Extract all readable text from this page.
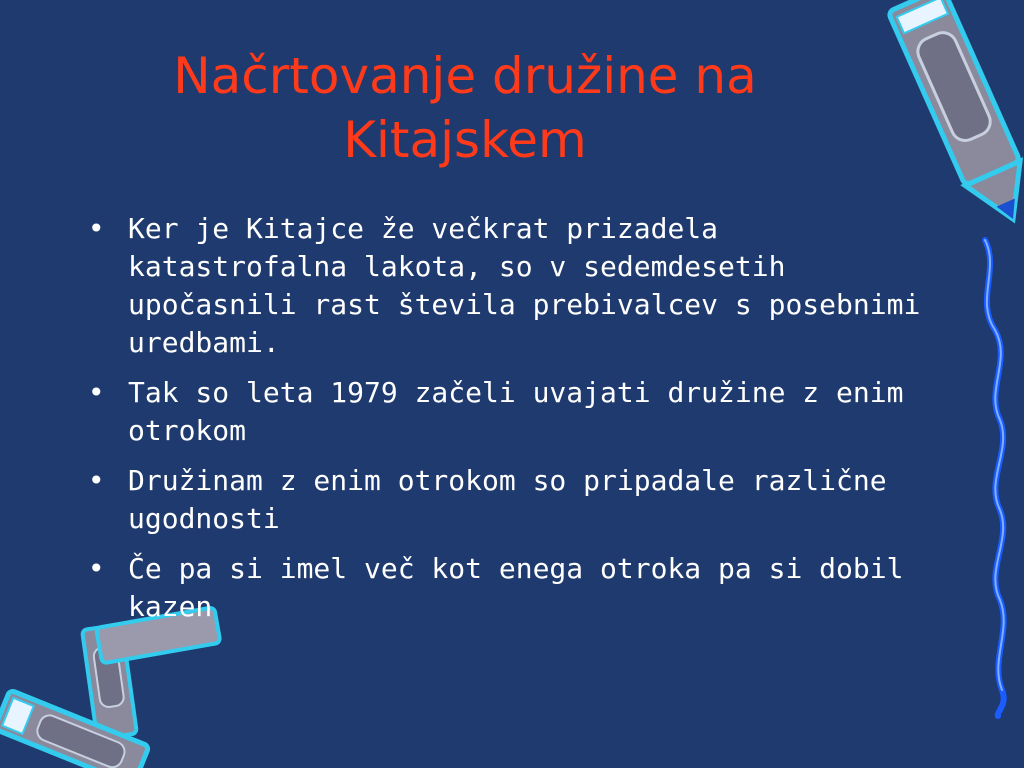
Načrtovanje družine na Kitajskem
• Ker je Kitajce že večkrat prizadela katastrofalna lakota, so v sedemdesetih upočasnili rast števila prebivalcev s posebnimi uredbami.
• Tak so leta 1979 začeli uvajati družine z enim otrokom
• Družinam z enim otrokom so pripadale različne ugodnosti
• Če pa si imel več kot enega otroka pa si dobil kazen
